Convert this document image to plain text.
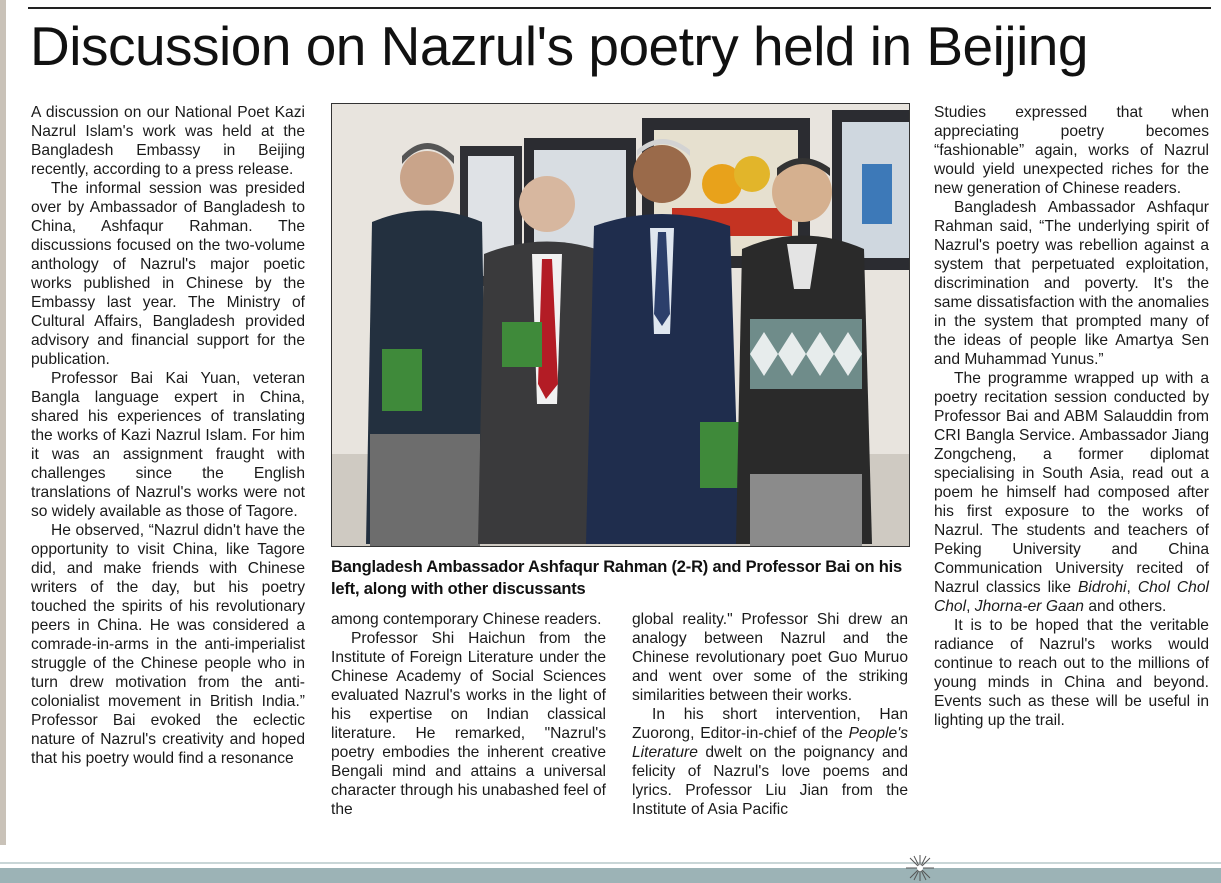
Discussion on Nazrul's poetry held in Beijing

A discussion on our National Poet Kazi Nazrul Islam's work was held at the Bangladesh Embassy in Beijing recently, according to a press release.

The informal session was presided over by Ambassador of Bangladesh to China, Ashfaqur Rahman. The discussions focused on the two-volume anthology of Nazrul's major poetic works published in Chinese by the Embassy last year. The Ministry of Cultural Affairs, Bangladesh provided advisory and financial support for the publication.

Professor Bai Kai Yuan, veteran Bangla language expert in China, shared his experiences of translating the works of Kazi Nazrul Islam. For him it was an assignment fraught with challenges since the English translations of Nazrul's works were not so widely available as those of Tagore.

He observed, “Nazrul didn't have the opportunity to visit China, like Tagore did, and make friends with Chinese writers of the day, but his poetry touched the spirits of his revolutionary peers in China. He was considered a comrade-in-arms in the anti-imperialist struggle of the Chinese people who in turn drew motivation from the anti-colonialist movement in British India.” Professor Bai evoked the eclectic nature of Nazrul's creativity and hoped that his poetry would find a resonance

Bangladesh Ambassador Ashfaqur Rahman (2-R) and Professor Bai on his
left, along with other discussants

among contemporary Chinese readers.

Professor Shi Haichun from the Institute of Foreign Literature under the Chinese Academy of Social Sciences evaluated Nazrul's works in the light of his expertise on Indian classical literature. He remarked, "Nazrul's poetry embodies the inherent creative Bengali mind and attains a universal character through his unabashed feel of the

global reality." Professor Shi drew an analogy between Nazrul and the Chinese revolutionary poet Guo Muruo and went over some of the striking similarities between their works.

In his short intervention, Han Zuorong, Editor-in-chief of the People's Literature dwelt on the poignancy and felicity of Nazrul's love poems and lyrics. Professor Liu Jian from the Institute of Asia Pacific

Studies expressed that when appreciating poetry becomes “fashionable” again, works of Nazrul would yield unexpected riches for the new generation of Chinese readers.

Bangladesh Ambassador Ashfaqur Rahman said, “The underlying spirit of Nazrul's poetry was rebellion against a system that perpetuated exploitation, discrimination and poverty. It's the same dissatisfaction with the anomalies in the system that prompted many of the ideas of people like Amartya Sen and Muhammad Yunus.”

The programme wrapped up with a poetry recitation session conducted by Professor Bai and ABM Salauddin from CRI Bangla Service. Ambassador Jiang Zongcheng, a former diplomat specialising in South Asia, read out a poem he himself had composed after his first exposure to the works of Nazrul. The students and teachers of Peking University and China Communication University recited of Nazrul classics like Bidrohi, Chol Chol Chol, Jhorna-er Gaan and others.

It is to be hoped that the veritable radiance of Nazrul's works would continue to reach out to the millions of young minds in China and beyond. Events such as these will be useful in lighting up the trail.
